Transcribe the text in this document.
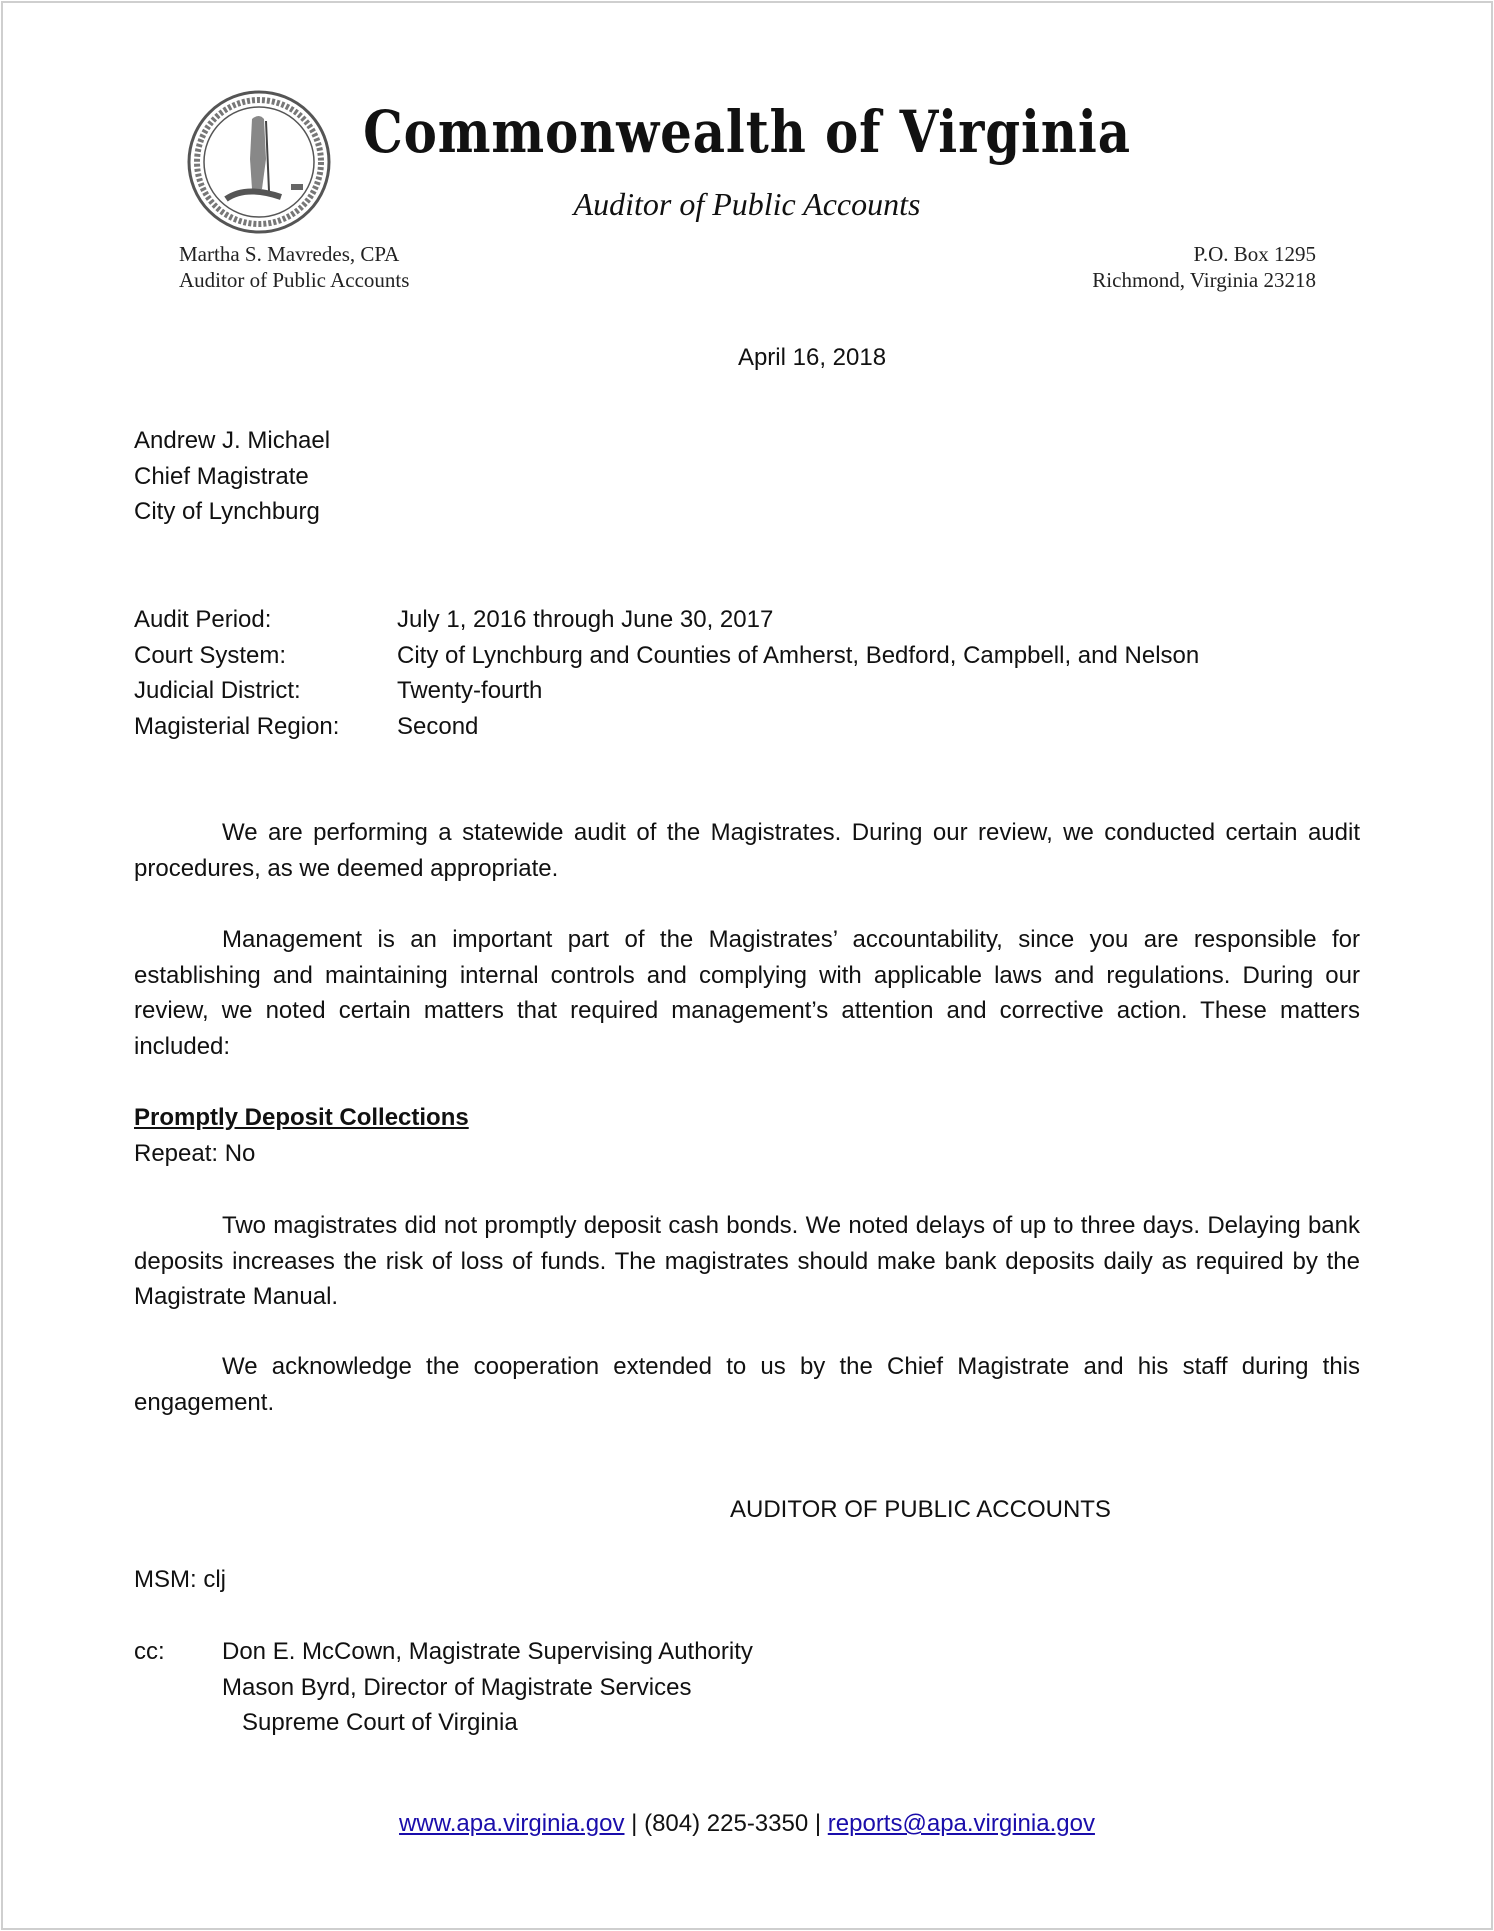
Commonwealth of Virginia
Auditor of Public Accounts
Martha S. Mavredes, CPA
Auditor of Public Accounts
P.O. Box 1295
Richmond, Virginia 23218
April 16, 2018
Andrew J. Michael
Chief Magistrate
City of Lynchburg
Audit Period:	July 1, 2016 through June 30, 2017
Court System:	City of Lynchburg and Counties of Amherst, Bedford, Campbell, and Nelson
Judicial District:	Twenty-fourth
Magisterial Region:	Second
We are performing a statewide audit of the Magistrates. During our review, we conducted certain audit procedures, as we deemed appropriate.
Management is an important part of the Magistrates’ accountability, since you are responsible for establishing and maintaining internal controls and complying with applicable laws and regulations. During our review, we noted certain matters that required management’s attention and corrective action. These matters included:
Promptly Deposit Collections
Repeat: No
Two magistrates did not promptly deposit cash bonds. We noted delays of up to three days. Delaying bank deposits increases the risk of loss of funds. The magistrates should make bank deposits daily as required by the Magistrate Manual.
We acknowledge the cooperation extended to us by the Chief Magistrate and his staff during this engagement.
AUDITOR OF PUBLIC ACCOUNTS
MSM: clj
cc: Don E. McCown, Magistrate Supervising Authority
Mason Byrd, Director of Magistrate Services
Supreme Court of Virginia
www.apa.virginia.gov | (804) 225-3350 | reports@apa.virginia.gov
